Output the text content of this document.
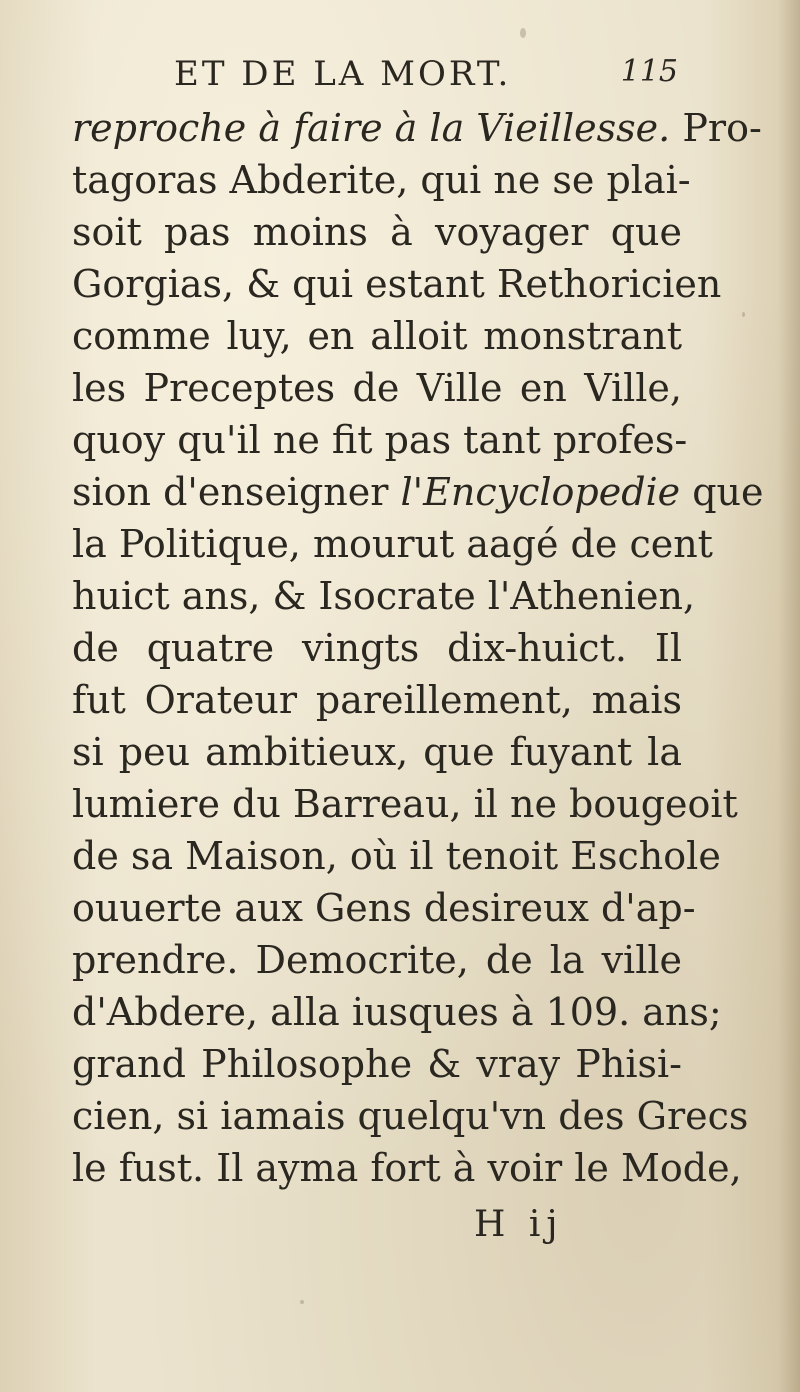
ET DE LA MORT.	115
reproche à faire à la Vieillesse. Pro-
tagoras Abderite, qui ne se plai-
soit pas moins à voyager que
Gorgias, & qui estant Rethoricien
comme luy, en alloit monstrant
les Preceptes de Ville en Ville,
quoy qu'il ne fit pas tant profes-
sion d'enseigner l'Encyclopedie que
la Politique, mourut aagé de cent
huict ans, & Isocrate l'Athenien,
de quatre vingts dix-huict. Il
fut Orateur pareillement, mais
si peu ambitieux, que fuyant la
lumiere du Barreau, il ne bougeoit
de sa Maison, où il tenoit Eschole
ouuerte aux Gens desireux d'ap-
prendre. Democrite, de la ville
d'Abdere, alla iusques à 109. ans;
grand Philosophe & vray Phisi-
cien, si iamais quelqu'vn des Grecs
le fust. Il ayma fort à voir le Mode,
H ij
